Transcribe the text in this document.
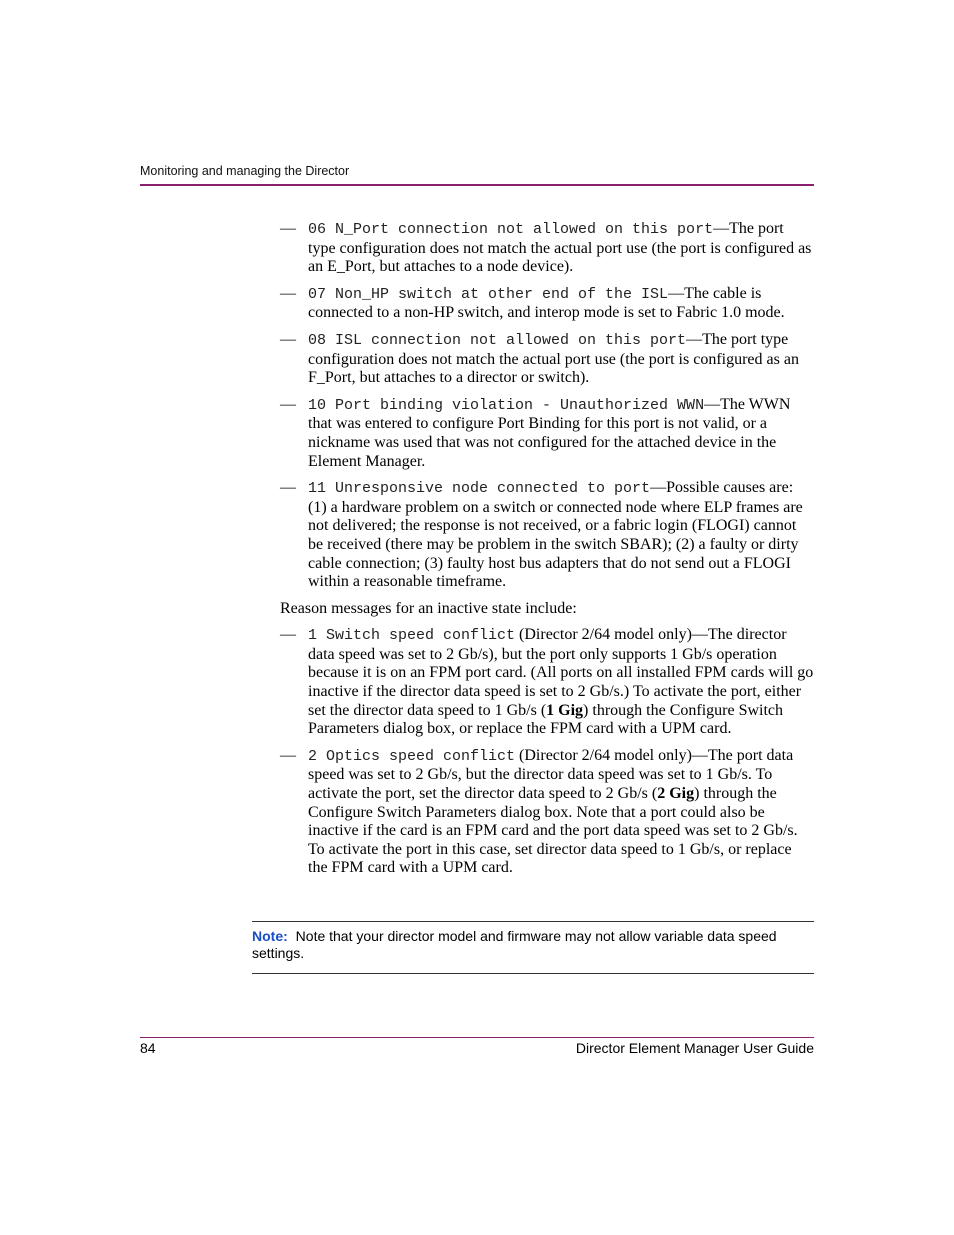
Monitoring and managing the Director
— 06 N_Port connection not allowed on this port—The port type configuration does not match the actual port use (the port is configured as an E_Port, but attaches to a node device).
— 07 Non_HP switch at other end of the ISL—The cable is connected to a non-HP switch, and interop mode is set to Fabric 1.0 mode.
— 08 ISL connection not allowed on this port—The port type configuration does not match the actual port use (the port is configured as an F_Port, but attaches to a director or switch).
— 10 Port binding violation - Unauthorized WWN—The WWN that was entered to configure Port Binding for this port is not valid, or a nickname was used that was not configured for the attached device in the Element Manager.
— 11 Unresponsive node connected to port—Possible causes are: (1) a hardware problem on a switch or connected node where ELP frames are not delivered; the response is not received, or a fabric login (FLOGI) cannot be received (there may be problem in the switch SBAR); (2) a faulty or dirty cable connection; (3) faulty host bus adapters that do not send out a FLOGI within a reasonable timeframe.
Reason messages for an inactive state include:
— 1 Switch speed conflict (Director 2/64 model only)—The director data speed was set to 2 Gb/s), but the port only supports 1 Gb/s operation because it is on an FPM port card. (All ports on all installed FPM cards will go inactive if the director data speed is set to 2 Gb/s.) To activate the port, either set the director data speed to 1 Gb/s (1 Gig) through the Configure Switch Parameters dialog box, or replace the FPM card with a UPM card.
— 2 Optics speed conflict (Director 2/64 model only)—The port data speed was set to 2 Gb/s, but the director data speed was set to 1 Gb/s. To activate the port, set the director data speed to 2 Gb/s (2 Gig) through the Configure Switch Parameters dialog box. Note that a port could also be inactive if the card is an FPM card and the port data speed was set to 2 Gb/s. To activate the port in this case, set director data speed to 1 Gb/s, or replace the FPM card with a UPM card.
Note: Note that your director model and firmware may not allow variable data speed settings.
84	Director Element Manager User Guide
